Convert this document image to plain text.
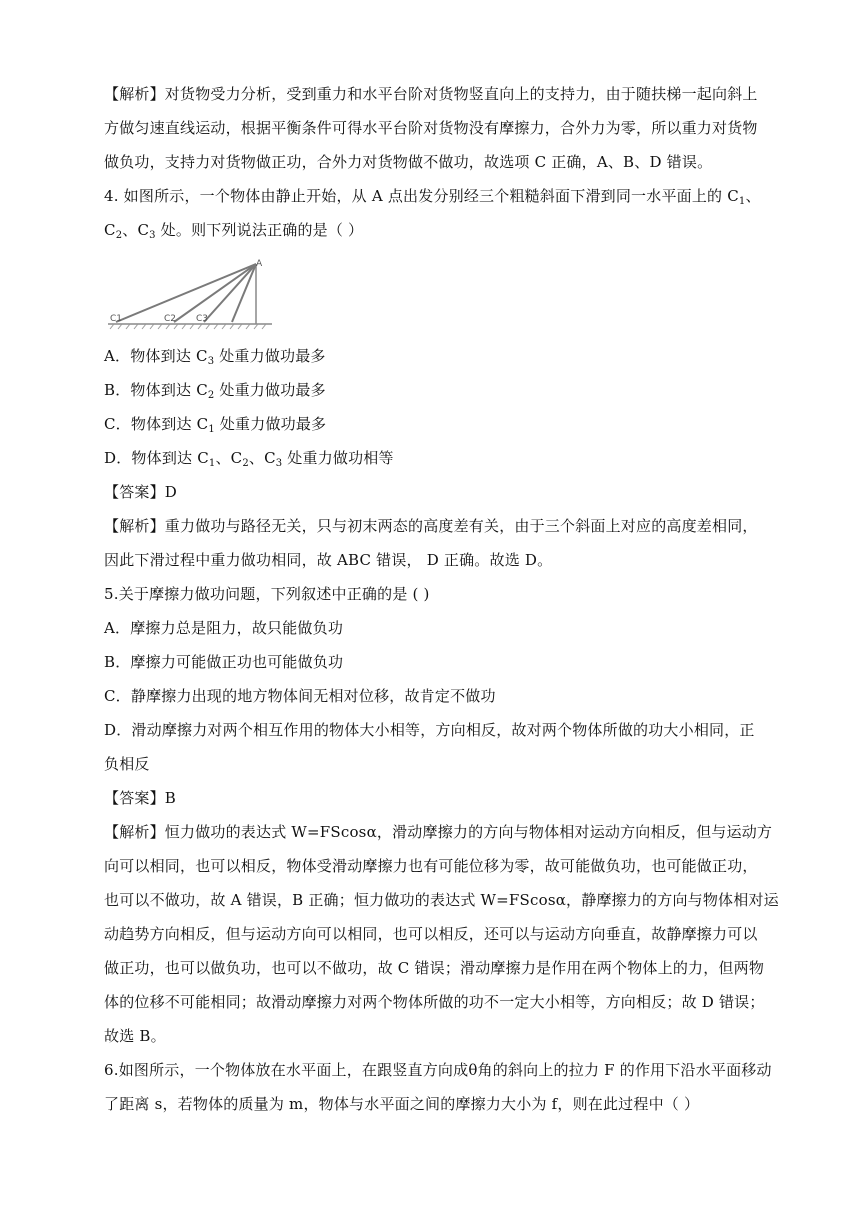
【解析】对货物受力分析，受到重力和水平台阶对货物竖直向上的支持力，由于随扶梯一起向斜上
方做匀速直线运动，根据平衡条件可得水平台阶对货物没有摩擦力，合外力为零，所以重力对货物
做负功，支持力对货物做正功，合外力对货物做不做功，故选项 C 正确，A、B、D 错误。
4. 如图所示，一个物体由静止开始，从 A 点出发分别经三个粗糙斜面下滑到同一水平面上的 $C_1$、
$C_2$、$C_3$ 处。则下列说法正确的是（ ）
A
C1	C2 C3
A．物体到达 $C_3$ 处重力做功最多
B．物体到达 $C_2$ 处重力做功最多
C．物体到达 $C_1$ 处重力做功最多
D．物体到达 $C_1$、$C_2$、$C_3$ 处重力做功相等
【答案】D
【解析】重力做功与路径无关，只与初末两态的高度差有关，由于三个斜面上对应的高度差相同，
因此下滑过程中重力做功相同，故 ABC 错误， D 正确。故选 D。
5.关于摩擦力做功问题，下列叙述中正确的是 ( )
A．摩擦力总是阻力，故只能做负功
B．摩擦力可能做正功也可能做负功
C．静摩擦力出现的地方物体间无相对位移，故肯定不做功
D．滑动摩擦力对两个相互作用的物体大小相等，方向相反，故对两个物体所做的功大小相同，正
负相反
【答案】B
【解析】恒力做功的表达式 W=FScosα，滑动摩擦力的方向与物体相对运动方向相反，但与运动方
向可以相同，也可以相反，物体受滑动摩擦力也有可能位移为零，故可能做负功，也可能做正功，
也可以不做功，故 A 错误，B 正确；恒力做功的表达式 W=FScosα，静摩擦力的方向与物体相对运
动趋势方向相反，但与运动方向可以相同，也可以相反，还可以与运动方向垂直，故静摩擦力可以
做正功，也可以做负功，也可以不做功，故 C 错误；滑动摩擦力是作用在两个物体上的力，但两物
体的位移不可能相同；故滑动摩擦力对两个物体所做的功不一定大小相等，方向相反；故 D 错误；
故选 B。
6.如图所示，一个物体放在水平面上，在跟竖直方向成θ角的斜向上的拉力 F 的作用下沿水平面移动
了距离 s，若物体的质量为 m，物体与水平面之间的摩擦力大小为 f，则在此过程中（ ）
